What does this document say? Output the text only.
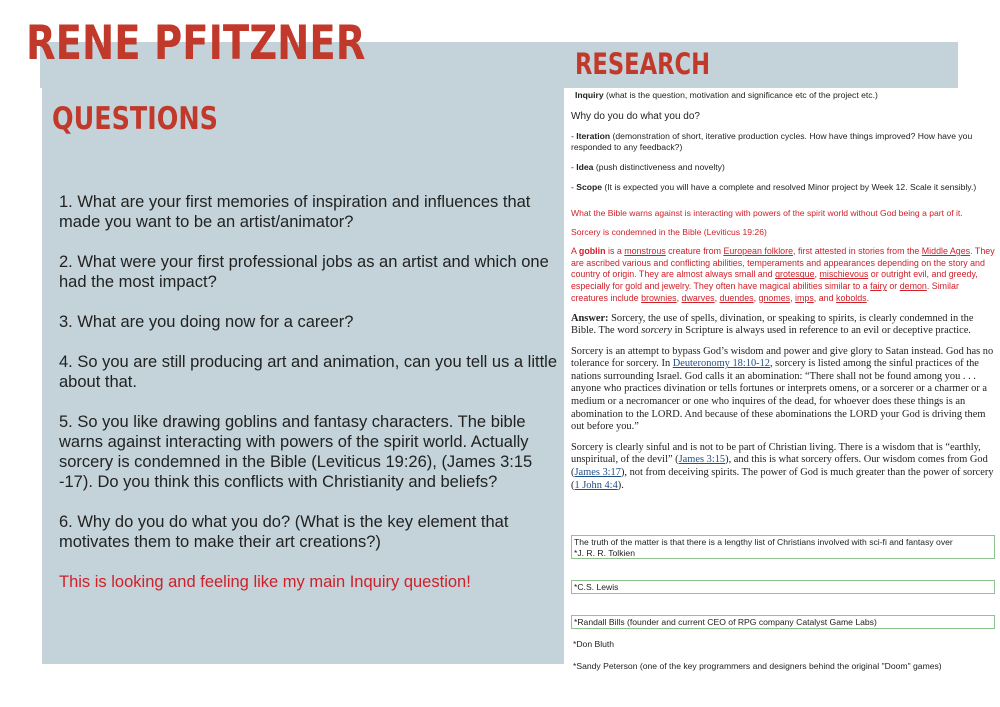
RENE PFITZNER
QUESTIONS
RESEARCH

1. What are your first memories of inspiration and influences that made you want to be an artist/animator?

2. What were your first professional jobs as an artist and which one had the most impact?

3. What are you doing now for a career?

4. So you are still producing art and animation, can you tell us a little about that.

5. So you like drawing goblins and fantasy characters. The bible warns against interacting with powers of the spirit world. Actually sorcery is condemned in the Bible (Leviticus 19:26), (James 3:15 -17). Do you think this conflicts with Christianity and beliefs?

6. Why do you do what you do? (What is the key element that motivates them to make their art creations?)

This is looking and feeling like my main Inquiry question!

Inquiry (what is the question, motivation and significance etc of the project etc.)

Why do you do what you do?

- Iteration (demonstration of short, iterative production cycles. How have things improved? How have you responded to any feedback?)

- Idea (push distinctiveness and novelty)

- Scope (It is expected you will have a complete and resolved Minor project by Week 12. Scale it sensibly.)

What the Bible warns against is interacting with powers of the spirit world without God being a part of it.

Sorcery is condemned in the Bible (Leviticus 19:26)

A goblin is a monstrous creature from European folklore, first attested in stories from the Middle Ages. They are ascribed various and conflicting abilities, temperaments and appearances depending on the story and country of origin. They are almost always small and grotesque, mischievous or outright evil, and greedy, especially for gold and jewelry. They often have magical abilities similar to a fairy or demon. Similar creatures include brownies, dwarves, duendes, gnomes, imps, and kobolds.

Answer: Sorcery, the use of spells, divination, or speaking to spirits, is clearly condemned in the Bible. The word sorcery in Scripture is always used in reference to an evil or deceptive practice.

Sorcery is an attempt to bypass God’s wisdom and power and give glory to Satan instead. God has no tolerance for sorcery. In Deuteronomy 18:10-12, sorcery is listed among the sinful practices of the nations surrounding Israel. God calls it an abomination: “There shall not be found among you . . . anyone who practices divination or tells fortunes or interprets omens, or a sorcerer or a charmer or a medium or a necromancer or one who inquires of the dead, for whoever does these things is an abomination to the LORD. And because of these abominations the LORD your God is driving them out before you.”

Sorcery is clearly sinful and is not to be part of Christian living. There is a wisdom that is “earthly, unspiritual, of the devil” (James 3:15), and this is what sorcery offers. Our wisdom comes from God (James 3:17), not from deceiving spirits. The power of God is much greater than the power of sorcery (1 John 4:4).

The truth of the matter is that there is a lengthy list of Christians involved with sci-fi and fantasy over
*J. R. R. Tolkien
*C.S. Lewis
*Randall Bills (founder and current CEO of RPG company Catalyst Game Labs)
*Don Bluth
*Sandy Peterson (one of the key programmers and designers behind the original "Doom" games)
